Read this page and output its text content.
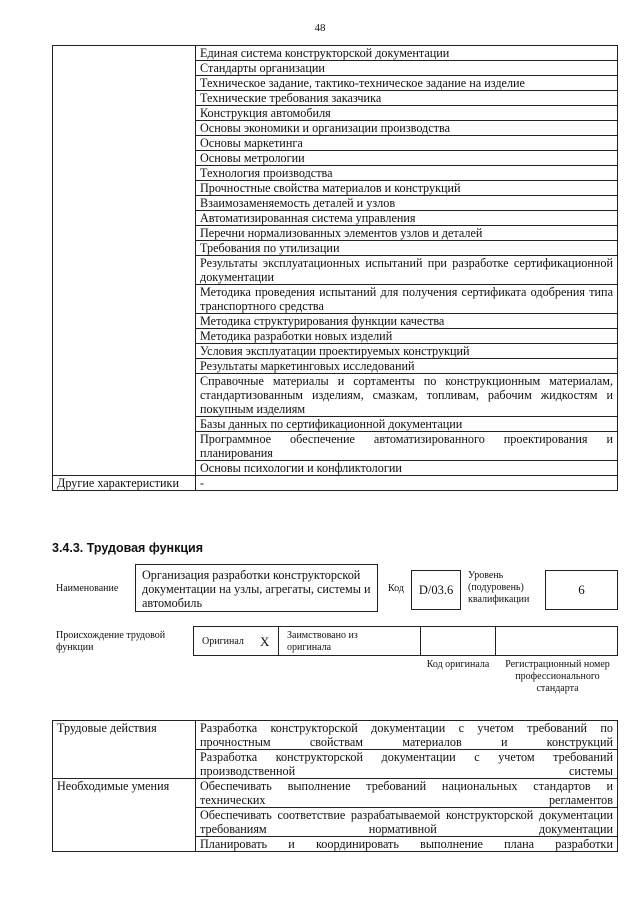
48
	Единая система конструкторской документации
	Стандарты организации
	Техническое задание, тактико-техническое задание на изделие
	Технические требования заказчика
	Конструкция автомобиля
	Основы экономики и организации производства
	Основы маркетинга
	Основы метрологии
	Технология производства
	Прочностные свойства материалов и конструкций
	Взаимозаменяемость деталей и узлов
	Автоматизированная система управления
	Перечни нормализованных элементов узлов и деталей
	Требования по утилизации
	Результаты эксплуатационных испытаний при разработке сертификационной документации
	Методика проведения испытаний для получения сертификата одобрения типа транспортного средства
	Методика структурирования функции качества
	Методика разработки новых изделий
	Условия эксплуатации проектируемых конструкций
	Результаты маркетинговых исследований
	Справочные материалы и сортаменты по конструкционным материалам, стандартизованным изделиям, смазкам, топливам, рабочим жидкостям и покупным изделиям
	Базы данных по сертификационной документации
	Программное обеспечение автоматизированного проектирования и планирования
	Основы психологии и конфликтологии
Другие характеристики	-
3.4.3. Трудовая функция
Наименование
Организация разработки конструкторской документации на узлы, агрегаты, системы и автомобиль
Код	D/03.6
Уровень (подуровень) квалификации
6
Происхождение трудовой функции
Оригинал X Заимствовано из оригинала
Код оригинала	Регистрационный номер профессионального стандарта
Трудовые действия	Разработка конструкторской документации с учетом требований по прочностным свойствам материалов и конструкций
	Разработка конструкторской документации с учетом требований производственной системы
Необходимые умения	Обеспечивать выполнение требований национальных стандартов и технических регламентов
	Обеспечивать соответствие разрабатываемой конструкторской документации требованиям нормативной документации
	Планировать и координировать выполнение плана разработки
